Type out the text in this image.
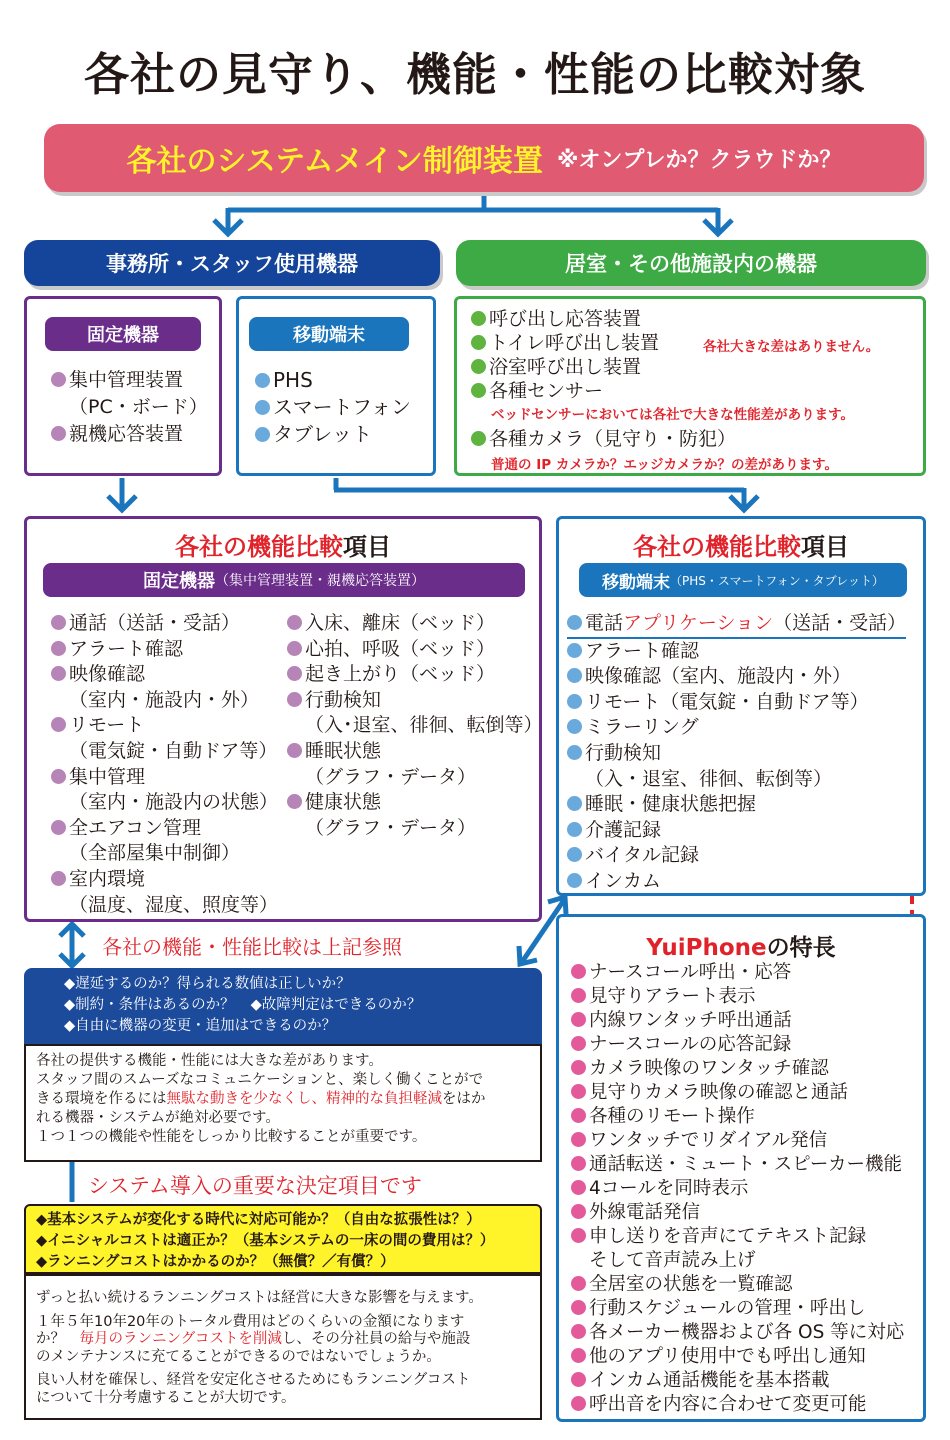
各社の見守り、機能・性能の比較対象
各社のシステムメイン制御装置 ※オンプレか？クラウドか？
事務所・スタッフ使用機器	居室・その他施設内の機器
固定機器
集中管理装置
（PC・ボード）
親機応答装置
移動端末
PHS
スマートフォン
タブレット
呼び出し応答装置
トイレ呼び出し装置
浴室呼び出し装置
各種センサー
ベッドセンサーにおいては各社で大きな性能差があります。
各種カメラ（見守り・防犯）
普通の IP カメラか？エッジカメラか？の差があります。
各社大きな差はありません。
各社の機能比較項目
固定機器 （集中管理装置・親機応答装置）
通話（送話・受話）
アラート確認
映像確認
（室内・施設内・外）
リモート
（電気錠・自動ドア等）
集中管理
（室内・施設内の状態）
全エアコン管理
（全部屋集中制御）
室内環境
（温度、湿度、照度等）
入床、離床（ベッド）
心拍、呼吸（ベッド）
起き上がり（ベッド）
行動検知
（入･退室、徘徊、転倒等）
睡眠状態
（グラフ・データ）
健康状態
（グラフ・データ）
各社の機能比較項目
移動端末 （PHS・スマートフォン・タブレット）
電話アプリケーション（送話・受話）
アラート確認
映像確認（室内、施設内・外）
リモート（電気錠・自動ドア等）
ミラーリング
行動検知
（入・退室、徘徊、転倒等）
睡眠・健康状態把握
介護記録
バイタル記録
インカム
各社の機能・性能比較は上記参照
◆遅延するのか？得られる数値は正しいか？
◆制約・条件はあるのか？ ◆故障判定はできるのか？
◆自由に機器の変更・追加はできるのか？
各社の提供する機能・性能には大きな差があります。
スタッフ間のスムーズなコミュニケーションと、楽しく働くことがで
きる環境を作るには無駄な動きを少なくし、精神的な負担軽減をはか
れる機器・システムが絶対必要です。
１つ１つの機能や性能をしっかり比較することが重要です。
システム導入の重要な決定項目です
◆基本システムが変化する時代に対応可能か？（自由な拡張性は？）
◆イニシャルコストは適正か？（基本システムの一床の間の費用は？）
◆ランニングコストはかかるのか？（無償？／有償？）
ずっと払い続けるランニングコストは経営に大きな影響を与えます。
１年５年10年20年のトータル費用はどのくらいの金額になります
か？　毎月のランニングコストを削減し、その分社員の給与や施設
のメンテナンスに充てることができるのではないでしょうか。
良い人材を確保し、経営を安定化させるためにもランニングコスト
について十分考慮することが大切です。
YuiPhoneの特長
ナースコール呼出・応答
見守りアラート表示
内線ワンタッチ呼出通話
ナースコールの応答記録
カメラ映像のワンタッチ確認
見守りカメラ映像の確認と通話
各種のリモート操作
ワンタッチでリダイアル発信
通話転送・ミュート・スピーカー機能
4コールを同時表示
外線電話発信
申し送りを音声にてテキスト記録
そして音声読み上げ
全居室の状態を一覧確認
行動スケジュールの管理・呼出し
各メーカー機器および各 OS 等に対応
他のアプリ使用中でも呼出し通知
インカム通話機能を基本搭載
呼出音を内容に合わせて変更可能
